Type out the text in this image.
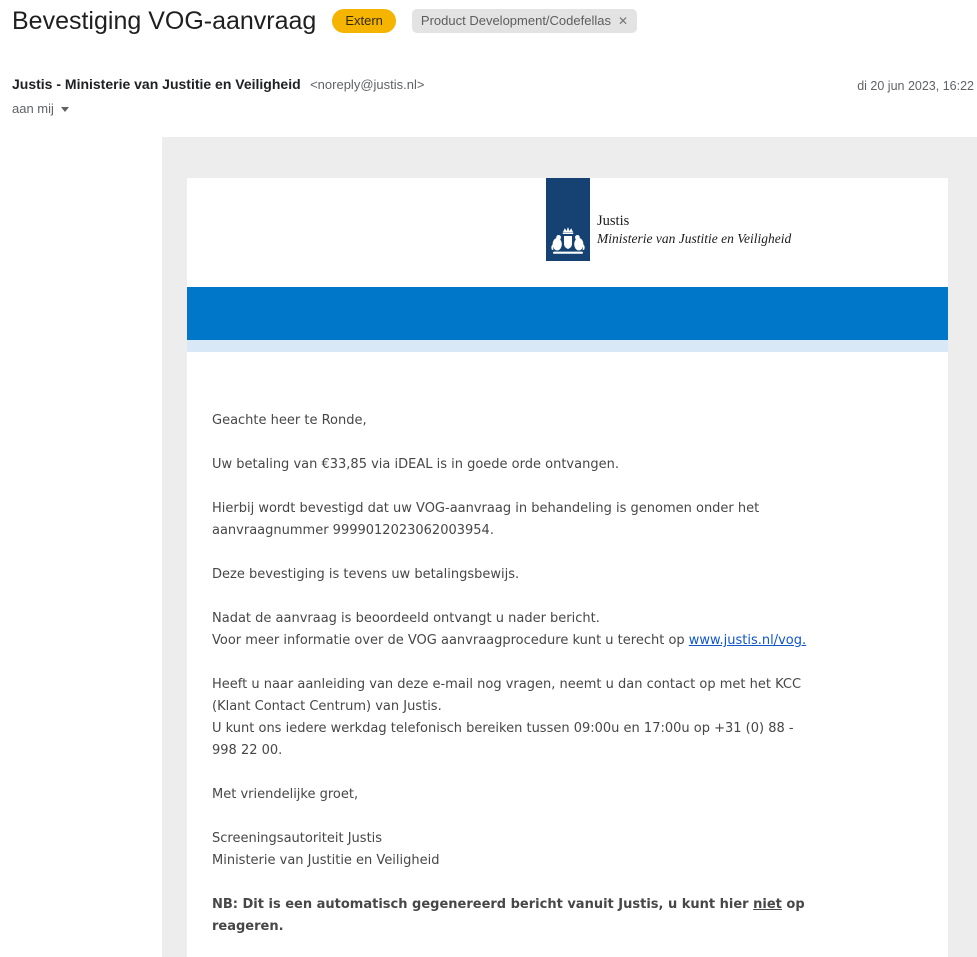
Bevestiging VOG-aanvraag	Extern	Product Development/Codefellas ✕
Justis - Ministerie van Justitie en Veiligheid <noreply@justis.nl>	di 20 jun 2023, 16:22
aan mij
Justis
Ministerie van Justitie en Veiligheid

Geachte heer te Ronde,

Uw betaling van €33,85 via iDEAL is in goede orde ontvangen.

Hierbij wordt bevestigd dat uw VOG-aanvraag in behandeling is genomen onder het
aanvraagnummer 9999012023062003954.

Deze bevestiging is tevens uw betalingsbewijs.

Nadat de aanvraag is beoordeeld ontvangt u nader bericht.
Voor meer informatie over de VOG aanvraagprocedure kunt u terecht op www.justis.nl/vog.

Heeft u naar aanleiding van deze e-mail nog vragen, neemt u dan contact op met het KCC
(Klant Contact Centrum) van Justis.
U kunt ons iedere werkdag telefonisch bereiken tussen 09:00u en 17:00u op +31 (0) 88 -
998 22 00.

Met vriendelijke groet,

Screeningsautoriteit Justis
Ministerie van Justitie en Veiligheid

NB: Dit is een automatisch gegenereerd bericht vanuit Justis, u kunt hier niet op
reageren.
